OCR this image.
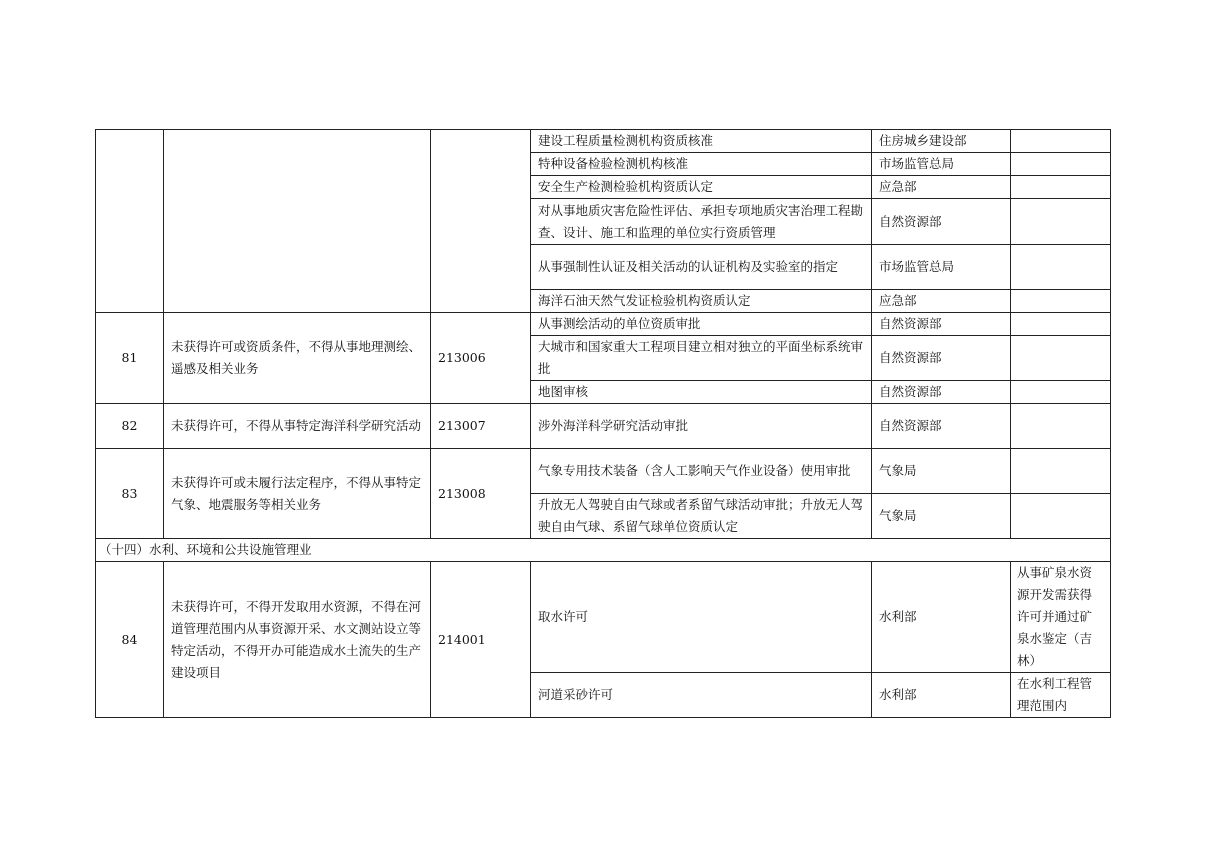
			建设工程质量检测机构资质核准	住房城乡建设部	
			特种设备检验检测机构核准	市场监管总局	
			安全生产检测检验机构资质认定	应急部	
			对从事地质灾害危险性评估、承担专项地质灾害治理工程勘查、设计、施工和监理的单位实行资质管理	自然资源部	
			从事强制性认证及相关活动的认证机构及实验室的指定	市场监管总局	
			海洋石油天然气发证检验机构资质认定	应急部	
81	未获得许可或资质条件，不得从事地理测绘、遥感及相关业务	213006	从事测绘活动的单位资质审批	自然资源部	
			大城市和国家重大工程项目建立相对独立的平面坐标系统审批	自然资源部	
			地图审核	自然资源部	
82	未获得许可，不得从事特定海洋科学研究活动	213007	涉外海洋科学研究活动审批	自然资源部	
83	未获得许可或未履行法定程序，不得从事特定气象、地震服务等相关业务	213008	气象专用技术装备（含人工影响天气作业设备）使用审批	气象局	
			升放无人驾驶自由气球或者系留气球活动审批；升放无人驾驶自由气球、系留气球单位资质认定	气象局	
（十四）水利、环境和公共设施管理业					
84	未获得许可，不得开发取用水资源，不得在河道管理范围内从事资源开采、水文测站设立等特定活动，不得开办可能造成水土流失的生产建设项目	214001	取水许可	水利部	从事矿泉水资源开发需获得许可并通过矿泉水鉴定（吉林）
			河道采砂许可	水利部	在水利工程管理范围内
